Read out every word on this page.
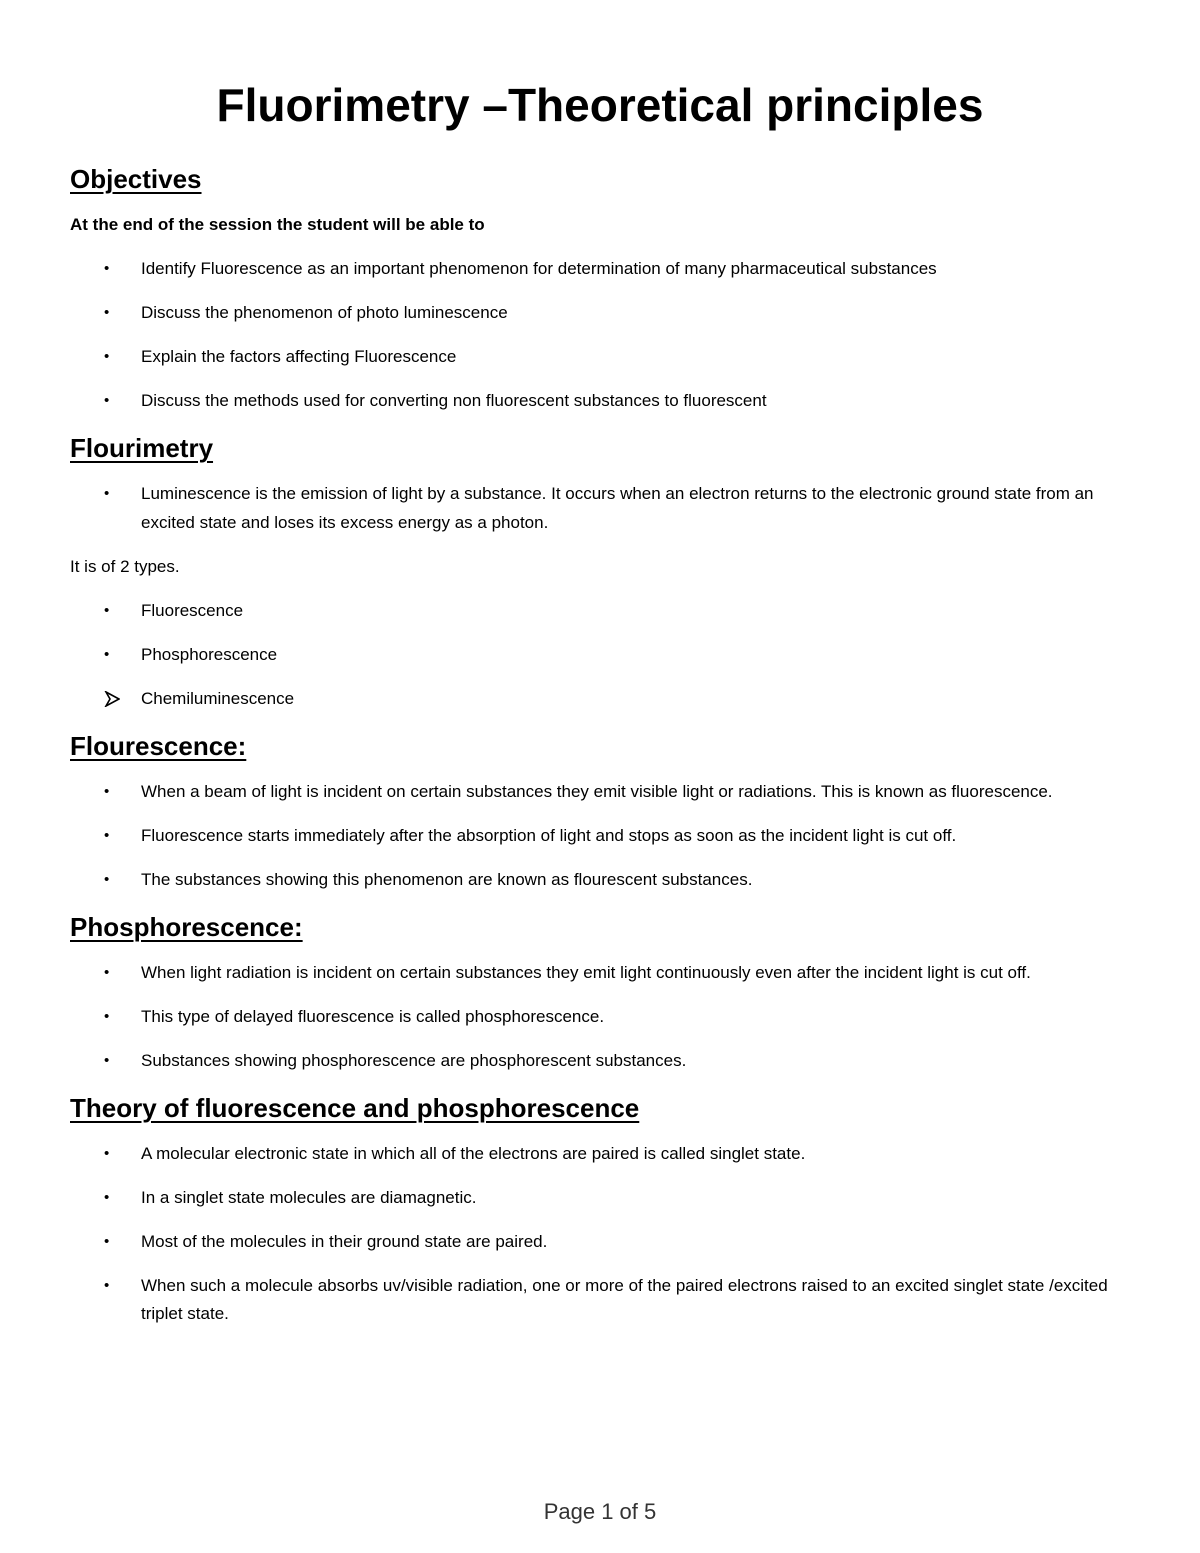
Fluorimetry –Theoretical principles
Objectives

At the end of the session the student will be able to

•	Identify Fluorescence as an important phenomenon for determination of many pharmaceutical substances
•	Discuss the phenomenon of photo luminescence
•	Explain the factors affecting Fluorescence
•	Discuss the methods used for converting non fluorescent substances to fluorescent
Flourimetry
•	Luminescence is the emission of light by a substance. It occurs when an electron returns to the electronic ground state from an excited state and loses its excess energy as a photon.

It is of 2 types.

•	Fluorescence
•	Phosphorescence
Chemiluminescence
Flourescence:
•	When a beam of light is incident on certain substances they emit visible light or radiations. This is known as fluorescence.
•	Fluorescence starts immediately after the absorption of light and stops as soon as the incident light is cut off.
•	The substances showing this phenomenon are known as flourescent substances.
Phosphorescence:
•	When light radiation is incident on certain substances they emit light continuously even after the incident light is cut off.
•	This type of delayed fluorescence is called phosphorescence.
•	Substances showing phosphorescence are phosphorescent substances.
Theory of fluorescence and phosphorescence
•	A molecular electronic state in which all of the electrons are paired is called singlet state.
•	In a singlet state molecules are diamagnetic.
•	Most of the molecules in their ground state are paired.
•	When such a molecule absorbs uv/visible radiation, one or more of the paired electrons raised to an excited singlet state /excited triplet state.
Page 1 of 5
